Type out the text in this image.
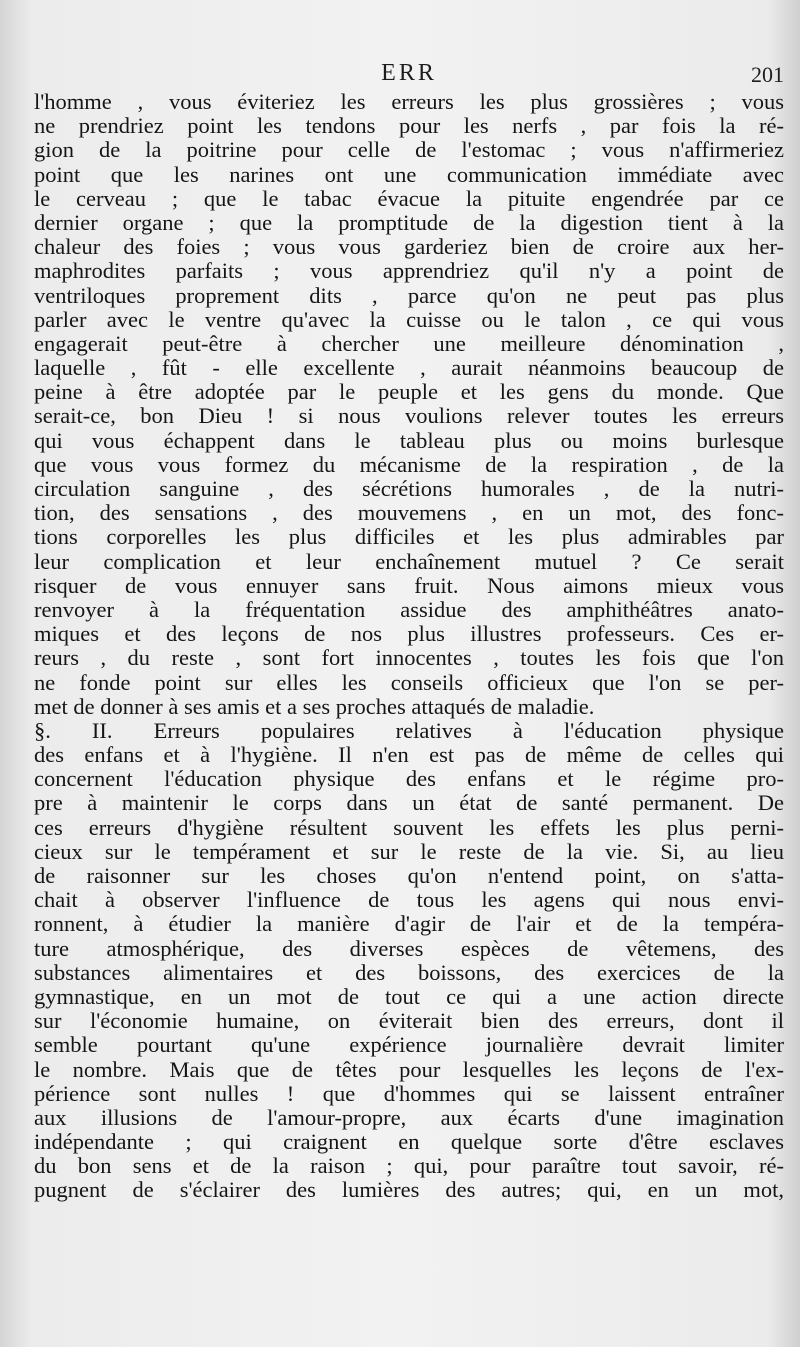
ERR	201
l'homme , vous éviteriez les erreurs les plus grossières ; vous
ne prendriez point les tendons pour les nerfs , par fois la ré-
gion de la poitrine pour celle de l'estomac ; vous n'affirmeriez
point que les narines ont une communication immédiate avec
le cerveau ; que le tabac évacue la pituite engendrée par ce
dernier organe ; que la promptitude de la digestion tient à la
chaleur des foies ; vous vous garderiez bien de croire aux her-
maphrodites parfaits ; vous apprendriez qu'il n'y a point de
ventriloques proprement dits , parce qu'on ne peut pas plus
parler avec le ventre qu'avec la cuisse ou le talon , ce qui vous
engagerait peut-être à chercher une meilleure dénomination ,
laquelle , fût - elle excellente , aurait néanmoins beaucoup de
peine à être adoptée par le peuple et les gens du monde. Que
serait-ce, bon Dieu ! si nous voulions relever toutes les erreurs
qui vous échappent dans le tableau plus ou moins burlesque
que vous vous formez du mécanisme de la respiration , de la
circulation sanguine , des sécrétions humorales , de la nutri-
tion, des sensations , des mouvemens , en un mot, des fonc-
tions corporelles les plus difficiles et les plus admirables par
leur complication et leur enchaînement mutuel ? Ce serait
risquer de vous ennuyer sans fruit. Nous aimons mieux vous
renvoyer à la fréquentation assidue des amphithéâtres anato-
miques et des leçons de nos plus illustres professeurs. Ces er-
reurs , du reste , sont fort innocentes , toutes les fois que l'on
ne fonde point sur elles les conseils officieux que l'on se per-
met de donner à ses amis et a ses proches attaqués de maladie.
§. II. Erreurs populaires relatives à l'éducation physique
des enfans et à l'hygiène. Il n'en est pas de même de celles qui
concernent l'éducation physique des enfans et le régime pro-
pre à maintenir le corps dans un état de santé permanent. De
ces erreurs d'hygiène résultent souvent les effets les plus perni-
cieux sur le tempérament et sur le reste de la vie. Si, au lieu
de raisonner sur les choses qu'on n'entend point, on s'atta-
chait à observer l'influence de tous les agens qui nous envi-
ronnent, à étudier la manière d'agir de l'air et de la tempéra-
ture atmosphérique, des diverses espèces de vêtemens, des
substances alimentaires et des boissons, des exercices de la
gymnastique, en un mot de tout ce qui a une action directe
sur l'économie humaine, on éviterait bien des erreurs, dont il
semble pourtant qu'une expérience journalière devrait limiter
le nombre. Mais que de têtes pour lesquelles les leçons de l'ex-
périence sont nulles ! que d'hommes qui se laissent entraîner
aux illusions de l'amour-propre, aux écarts d'une imagination
indépendante ; qui craignent en quelque sorte d'être esclaves
du bon sens et de la raison ; qui, pour paraître tout savoir, ré-
pugnent de s'éclairer des lumières des autres; qui, en un mot,
